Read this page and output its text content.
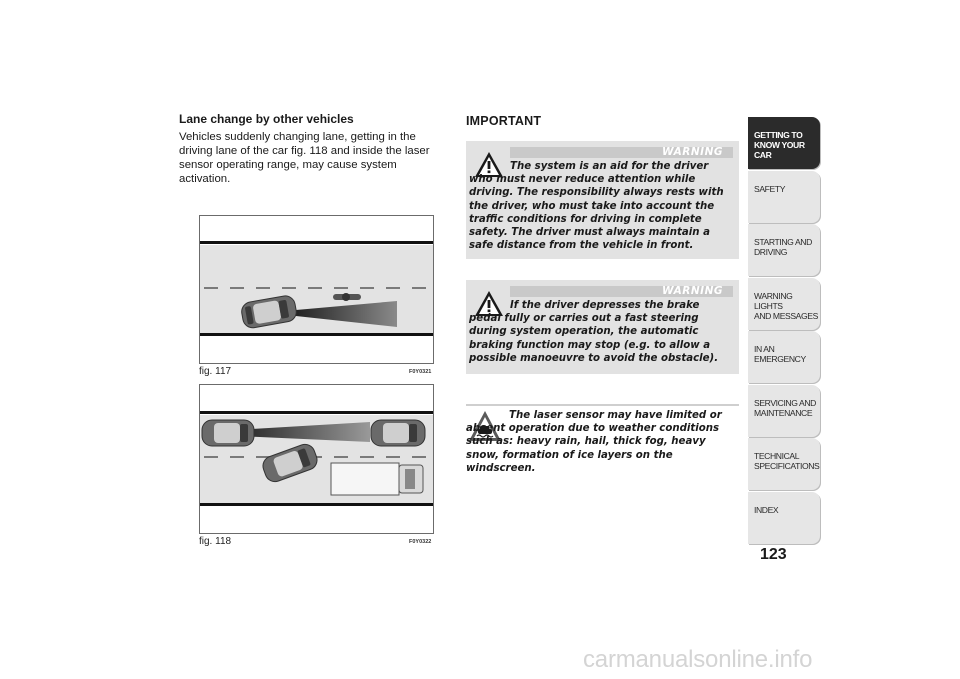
Lane change by other vehicles
Vehicles suddenly changing lane, getting in the driving lane of the car fig. 118 and inside the laser sensor operating range, may cause system activation.
fig. 117	F0Y0321
fig. 118	F0Y0322
IMPORTANT
WARNING
The system is an aid for the driver who must never reduce attention while driving. The responsibility always rests with the driver, who must take into account the traffic conditions for driving in complete safety. The driver must always maintain a safe distance from the vehicle in front.
WARNING
If the driver depresses the brake pedal fully or carries out a fast steering during system operation, the automatic braking function may stop (e.g. to allow a possible manoeuvre to avoid the obstacle).
The laser sensor may have limited or absent operation due to weather conditions such as: heavy rain, hail, thick fog, heavy snow, formation of ice layers on the windscreen.
GETTING TO
KNOW YOUR CAR
SAFETY
STARTING AND
DRIVING
WARNING LIGHTS
AND MESSAGES
IN AN EMERGENCY
SERVICING AND
MAINTENANCE
TECHNICAL
SPECIFICATIONS
INDEX
123
carmanualsonline.info
